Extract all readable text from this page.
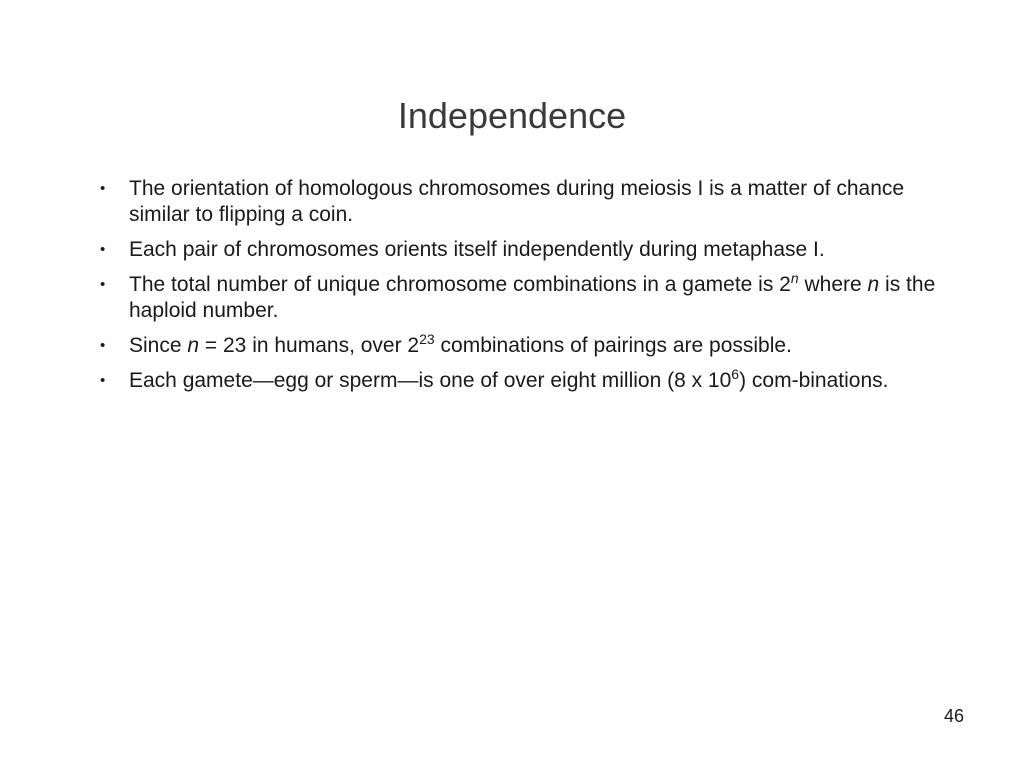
Independence
• The orientation of homologous chromosomes during meiosis I is a matter of chance similar to flipping a coin.
• Each pair of chromosomes orients itself independently during metaphase I.
• The total number of unique chromosome combinations in a gamete is 2$^n$ where n is the haploid number.
• Since n = 23 in humans, over $2^{23}$ combinations of pairings are possible.
• Each gamete—egg or sperm—is one of over eight million (8 x $10^6$) com-binations.
46
